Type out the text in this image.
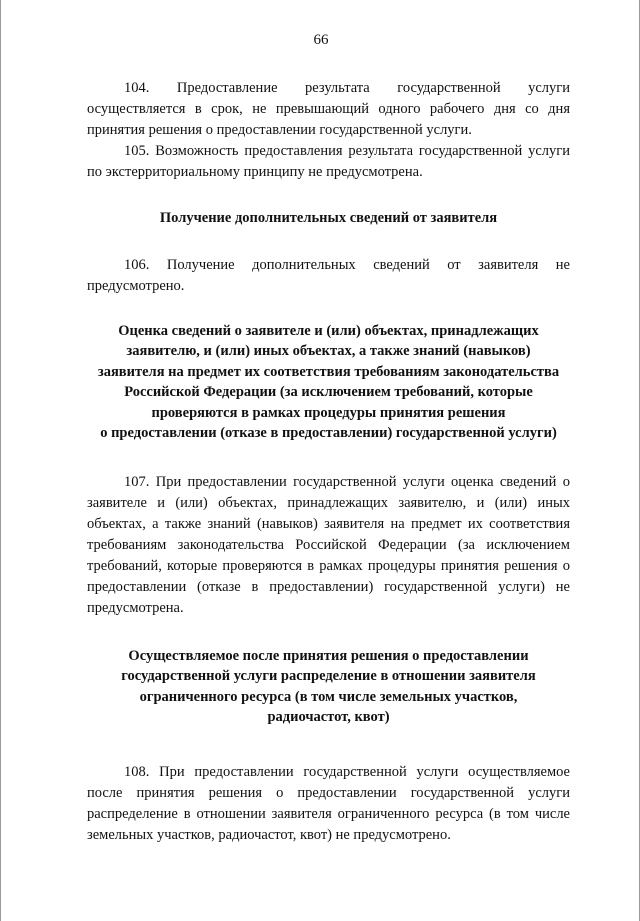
66

104. Предоставление результата государственной услуги осуществляется в срок, не превышающий одного рабочего дня со дня принятия решения о предоставлении государственной услуги.

105. Возможность предоставления результата государственной услуги по экстерриториальному принципу не предусмотрена.

Получение дополнительных сведений от заявителя

106. Получение дополнительных сведений от заявителя не предусмотрено.

Оценка сведений о заявителе и (или) объектах, принадлежащих
заявителю, и (или) иных объектах, а также знаний (навыков)
заявителя на предмет их соответствия требованиям законодательства
Российской Федерации (за исключением требований, которые
проверяются в рамках процедуры принятия решения
о предоставлении (отказе в предоставлении) государственной услуги)

107. При предоставлении государственной услуги оценка сведений о заявителе и (или) объектах, принадлежащих заявителю, и (или) иных объектах, а также знаний (навыков) заявителя на предмет их соответствия требованиям законодательства Российской Федерации (за исключением требований, которые проверяются в рамках процедуры принятия решения о предоставлении (отказе в предоставлении) государственной услуги) не предусмотрена.

Осуществляемое после принятия решения о предоставлении
государственной услуги распределение в отношении заявителя
ограниченного ресурса (в том числе земельных участков,
радиочастот, квот)

108. При предоставлении государственной услуги осуществляемое после принятия решения о предоставлении государственной услуги распределение в отношении заявителя ограниченного ресурса (в том числе земельных участков, радиочастот, квот) не предусмотрено.
